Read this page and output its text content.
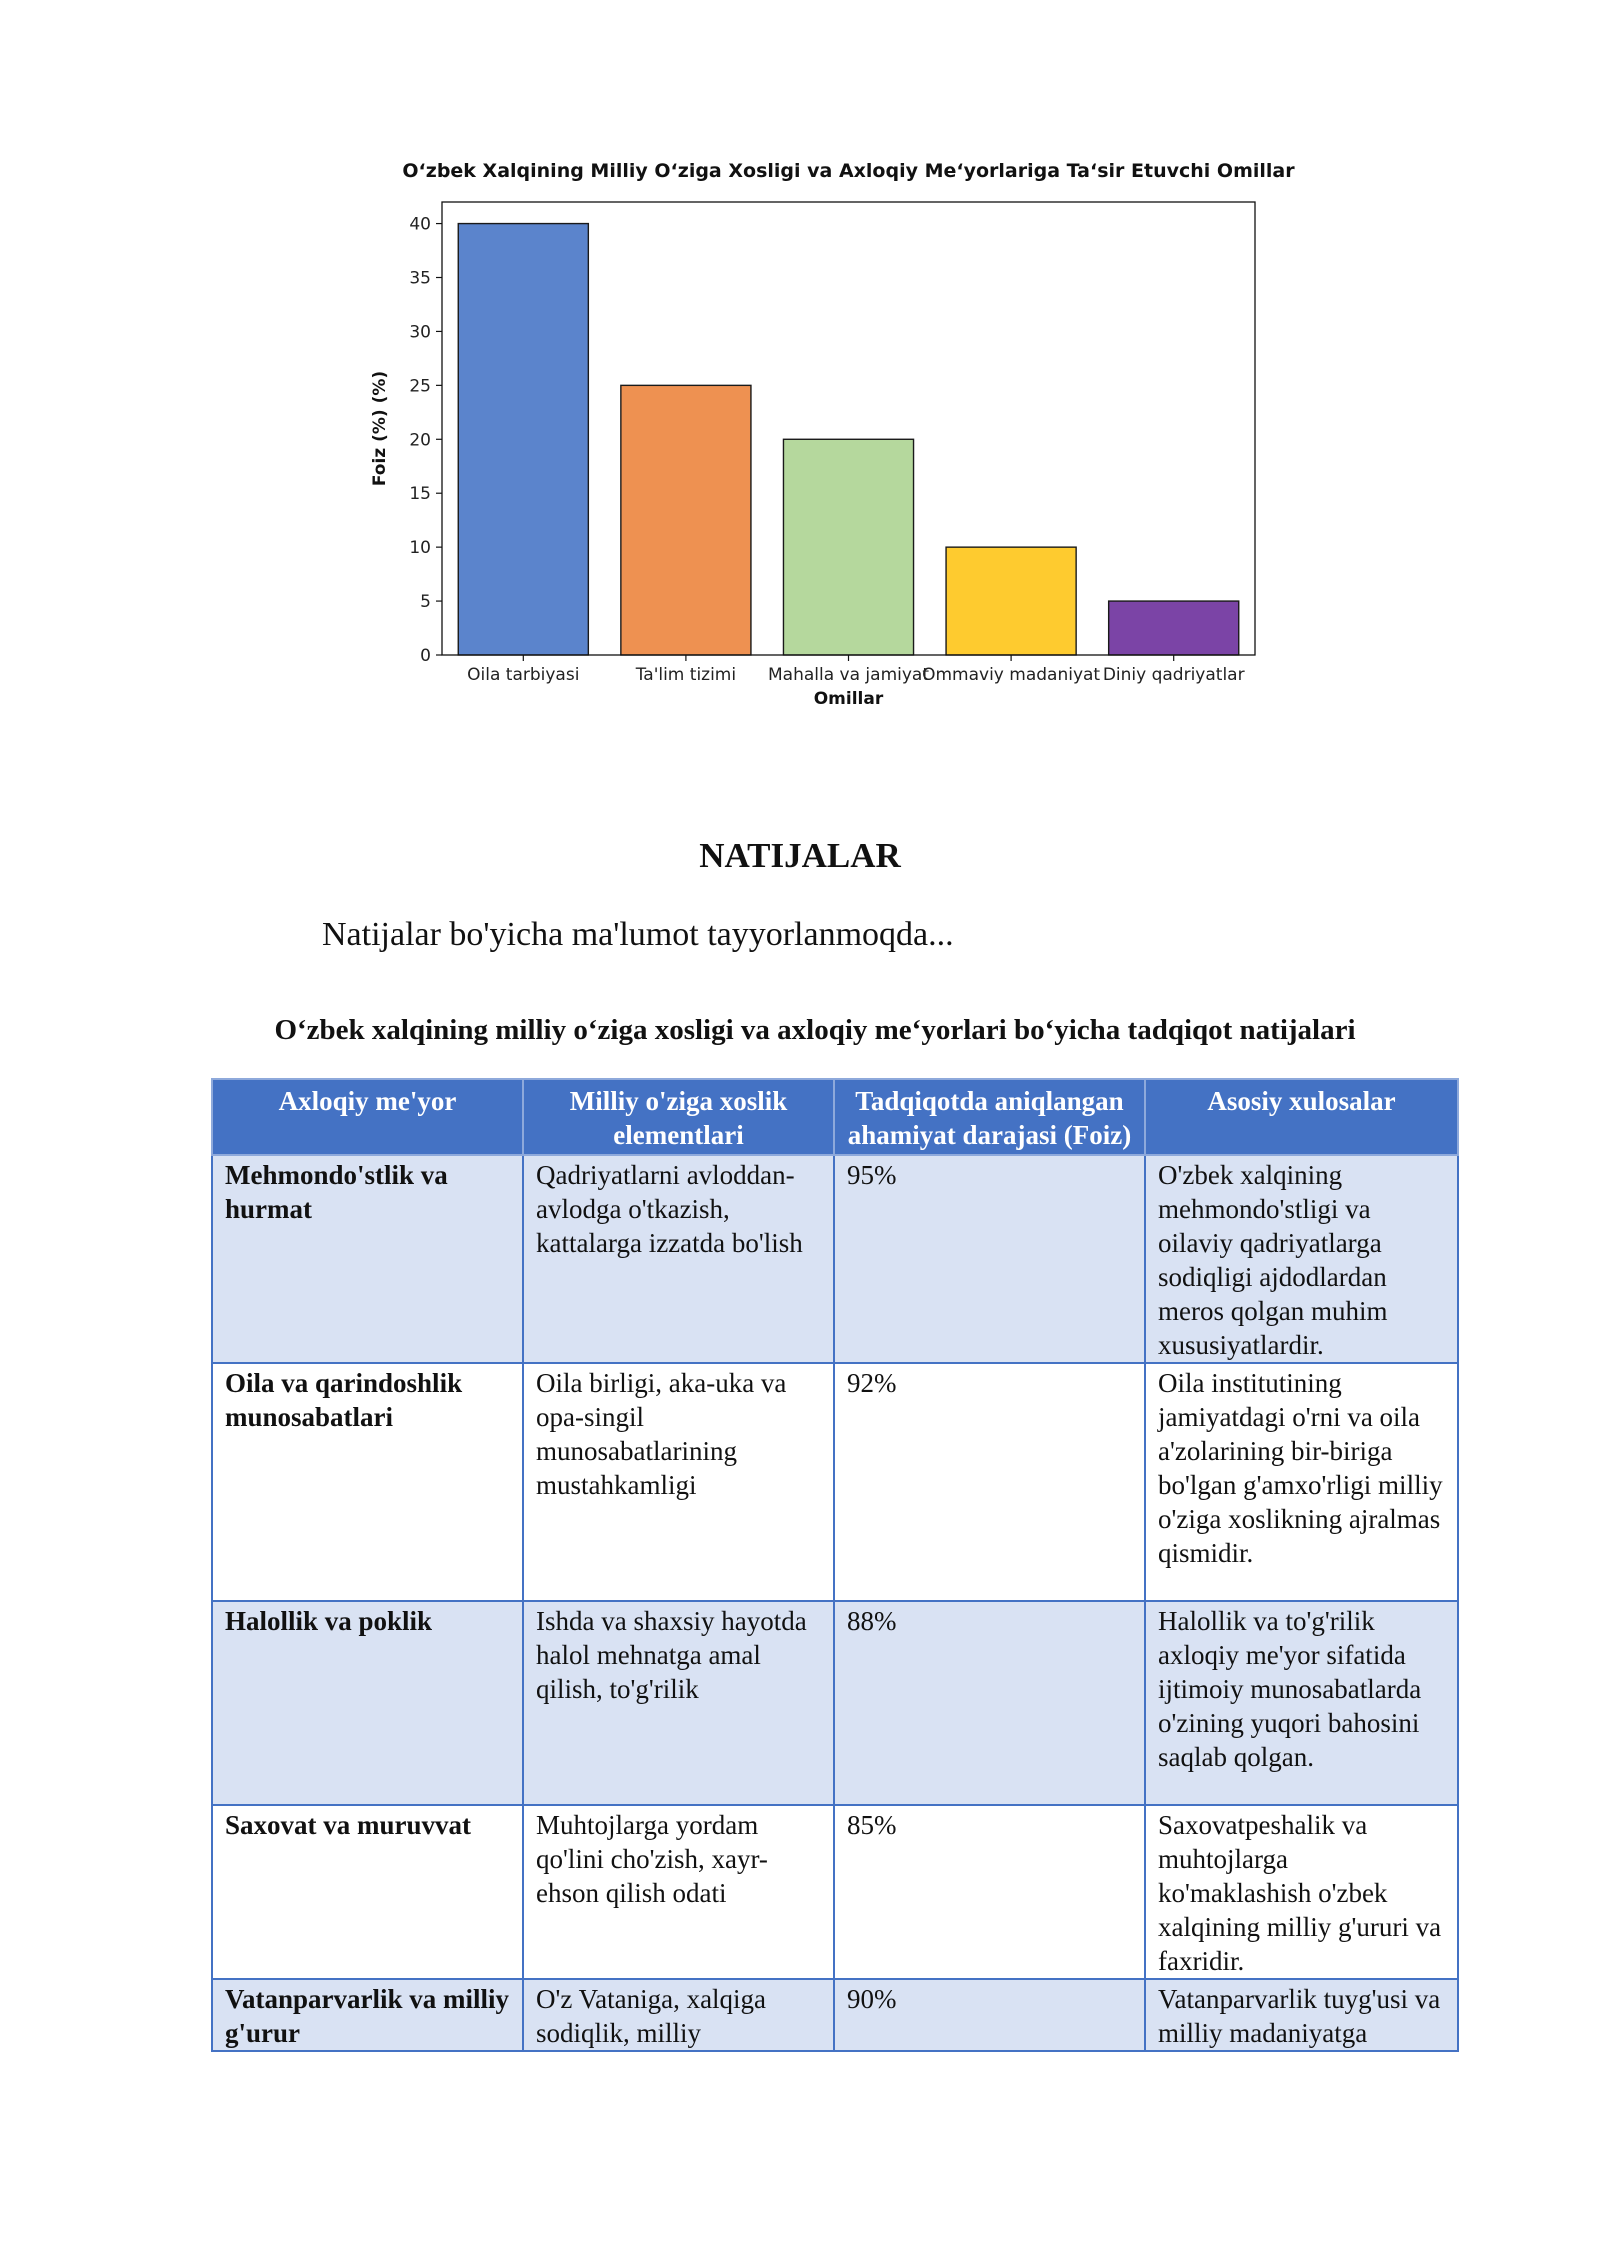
O‘zbek Xalqining Milliy O‘ziga Xosligi va Axloqiy Me‘yorlariga Ta‘sir Etuvchi Omillar
0
5
10
15
20
25
30
35
40
Oila tarbiyasi	Ta'lim tizimi Mahalla va jamiyat
Ommaviy madaniyat Diniy qadriyatlar
Omillar
Foiz (%) (%)
NATIJALAR
Natijalar bo'yicha ma'lumot tayyorlanmoqda...
O‘zbek xalqining milliy o‘ziga xosligi va axloqiy me‘yorlari bo‘yicha tadqiqot natijalari
Axloqiy me'yor	Milliy o'ziga xoslik elementlari	Tadqiqotda aniqlangan ahamiyat darajasi (Foiz)	Asosiy xulosalar
Mehmondo'stlik va hurmat	Qadriyatlarni avloddan-avlodga o'tkazish, kattalarga izzatda bo'lish	95%	O'zbek xalqining mehmondo'stligi va oilaviy qadriyatlarga sodiqligi ajdodlardan meros qolgan muhim xususiyatlardir.
Oila va qarindoshlik munosabatlari	Oila birligi, aka-uka va opa-singil munosabatlarining mustahkamligi	92%	Oila institutining jamiyatdagi o'rni va oila a'zolarining bir-biriga bo'lgan g'amxo'rligi milliy o'ziga xoslikning ajralmas qismidir.
Halollik va poklik	Ishda va shaxsiy hayotda halol mehnatga amal qilish, to'g'rilik	88%	Halollik va to'g'rilik axloqiy me'yor sifatida ijtimoiy munosabatlarda o'zining yuqori bahosini saqlab qolgan.
Saxovat va muruvvat	Muhtojlarga yordam qo'lini cho'zish, xayr-ehson qilish odati	85%	Saxovatpeshalik va muhtojlarga ko'maklashish o'zbek xalqining milliy g'ururi va faxridir.
Vatanparvarlik va milliy g'urur	O'z Vataniga, xalqiga sodiqlik, milliy	90%	Vatanparvarlik tuyg'usi va milliy madaniyatga
